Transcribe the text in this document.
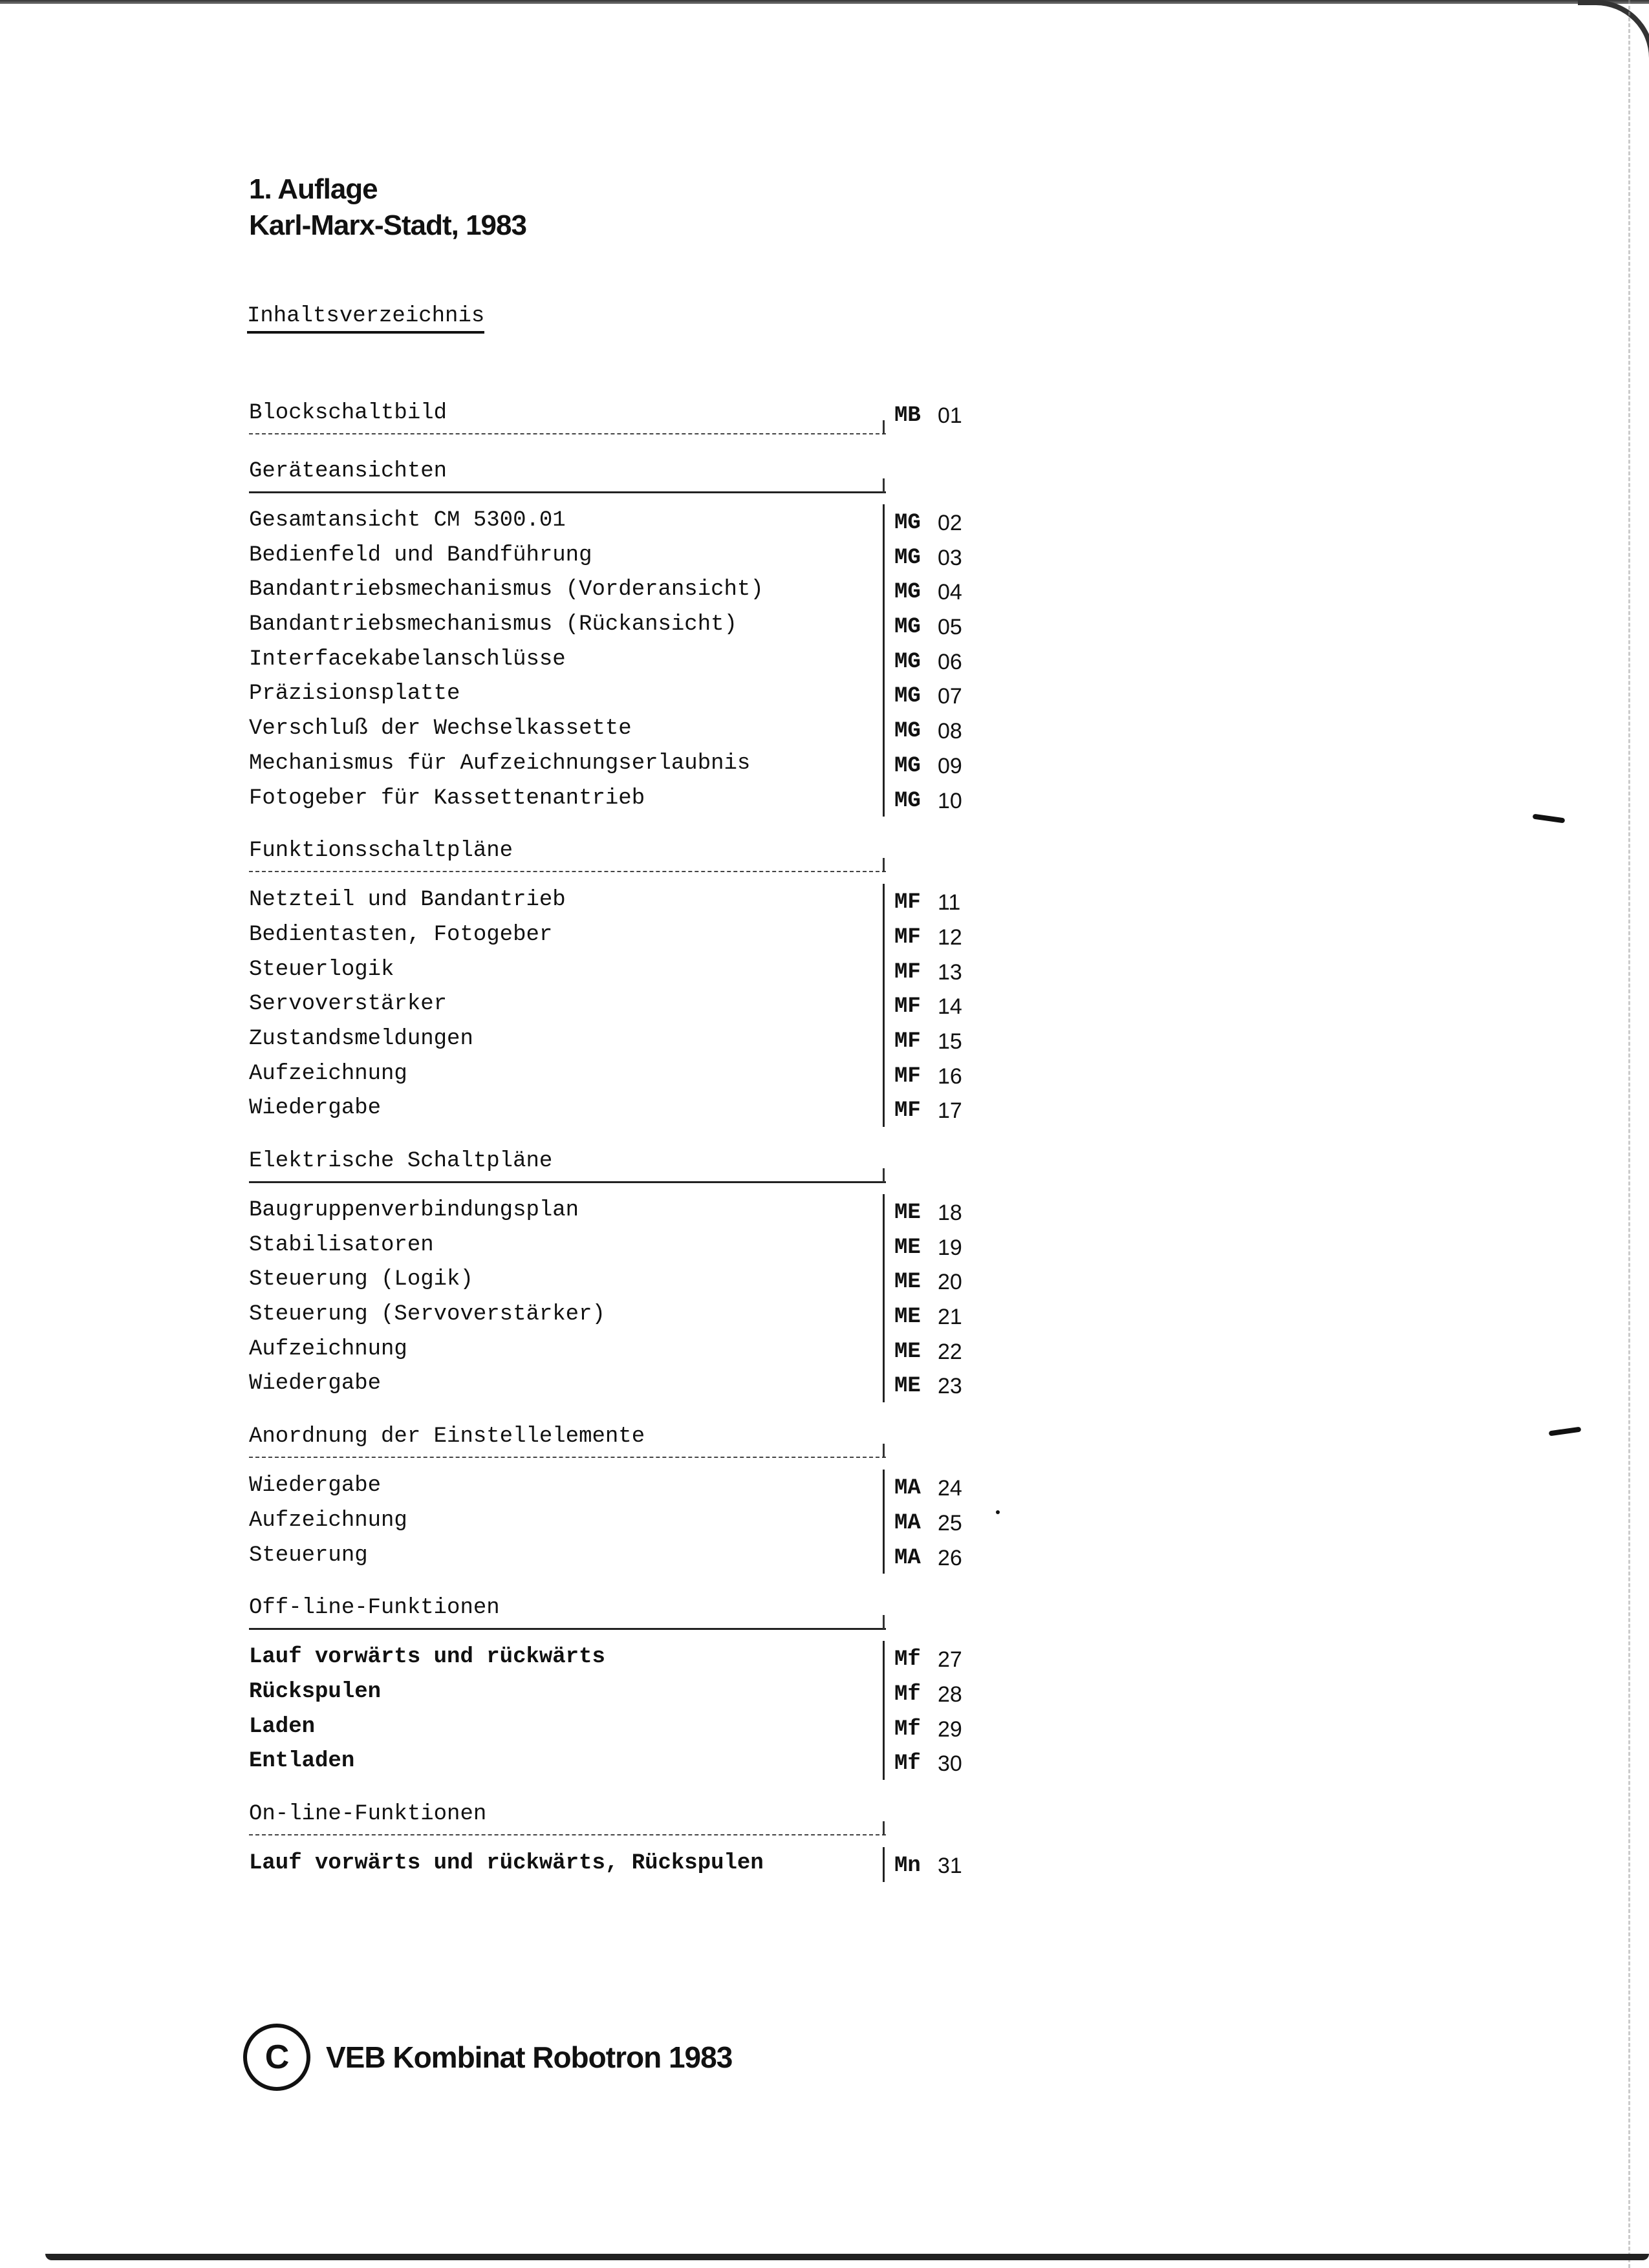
1. Auflage
Karl-Marx-Stadt, 1983
Inhaltsverzeichnis
Blockschaltbild	MB 01
Geräteansichten
Gesamtansicht CM 5300.01	MG 02
Bedienfeld und Bandführung	MG 03
Bandantriebsmechanismus (Vorderansicht)	MG 04
Bandantriebsmechanismus (Rückansicht)	MG 05
Interfacekabelanschlüsse	MG 06
Präzisionsplatte	MG 07
Verschluß der Wechselkassette	MG 08
Mechanismus für Aufzeichnungserlaubnis	MG 09
Fotogeber für Kassettenantrieb	MG 10
Funktionsschaltpläne
Netzteil und Bandantrieb	MF 11
Bedientasten, Fotogeber	MF 12
Steuerlogik	MF 13
Servoverstärker	MF 14
Zustandsmeldungen	MF 15
Aufzeichnung	MF 16
Wiedergabe	MF 17
Elektrische Schaltpläne
Baugruppenverbindungsplan	ME 18
Stabilisatoren	ME 19
Steuerung (Logik)	ME 20
Steuerung (Servoverstärker)	ME 21
Aufzeichnung	ME 22
Wiedergabe	ME 23
Anordnung der Einstellelemente
Wiedergabe	MA 24
Aufzeichnung	MA 25
Steuerung	MA 26
Off-line-Funktionen
Lauf vorwärts und rückwärts	Mf 27
Rückspulen	Mf 28
Laden	Mf 29
Entladen	Mf 30
On-line-Funktionen
Lauf vorwärts und rückwärts, Rückspulen	Mn 31
C VEB Kombinat Robotron 1983
